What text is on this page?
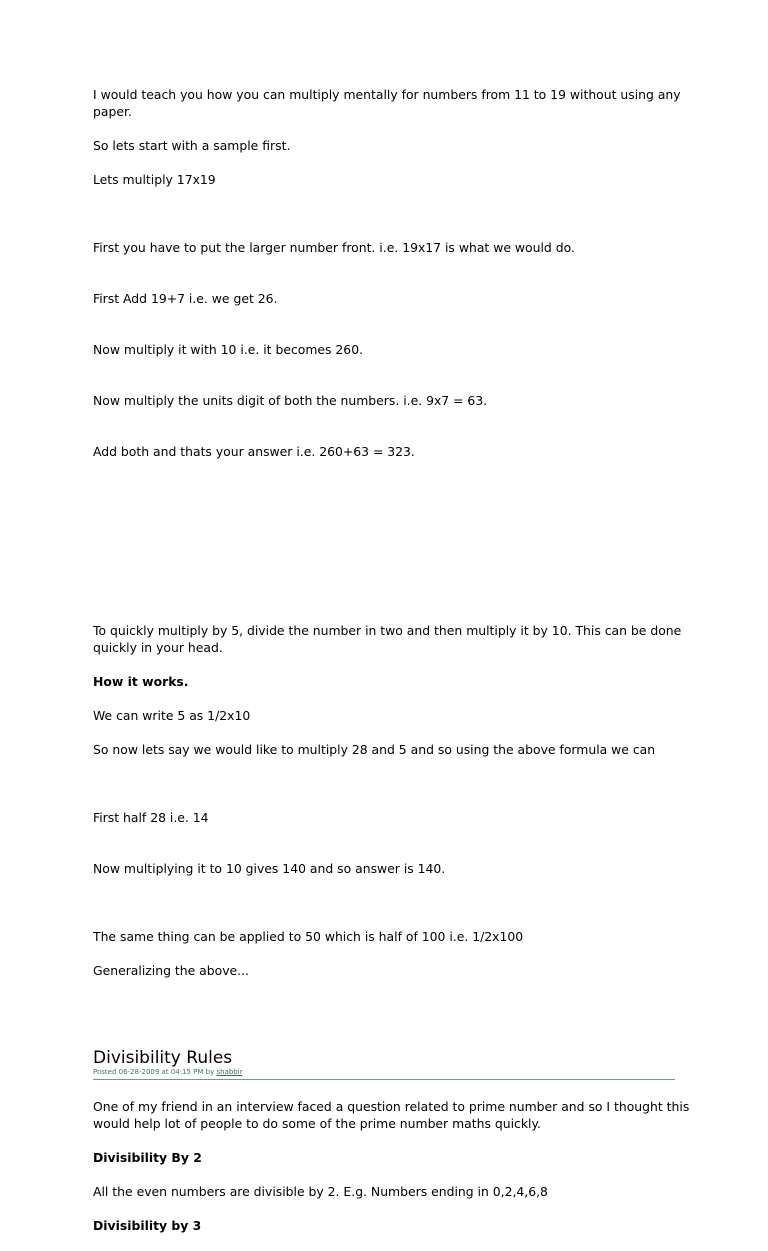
I would teach you how you can multiply mentally for numbers from 11 to 19 without using any paper.

So lets start with a sample first.

Lets multiply 17x19

First you have to put the larger number front. i.e. 19x17 is what we would do.

First Add 19+7 i.e. we get 26.

Now multiply it with 10 i.e. it becomes 260.

Now multiply the units digit of both the numbers. i.e. 9x7 = 63.

Add both and thats your answer i.e. 260+63 = 323.

To quickly multiply by 5, divide the number in two and then multiply it by 10. This can be done quickly in your head.

How it works.

We can write 5 as 1/2x10

So now lets say we would like to multiply 28 and 5 and so using the above formula we can

First half 28 i.e. 14

Now multiplying it to 10 gives 140 and so answer is 140.

The same thing can be applied to 50 which is half of 100 i.e. 1/2x100

Generalizing the above...

Divisibility Rules

Posted 06-28-2009 at 04:15 PM by shabbir

One of my friend in an interview faced a question related to prime number and so I thought this would help lot of people to do some of the prime number maths quickly.

Divisibility By 2

All the even numbers are divisible by 2. E.g. Numbers ending in 0,2,4,6,8

Divisibility by 3
